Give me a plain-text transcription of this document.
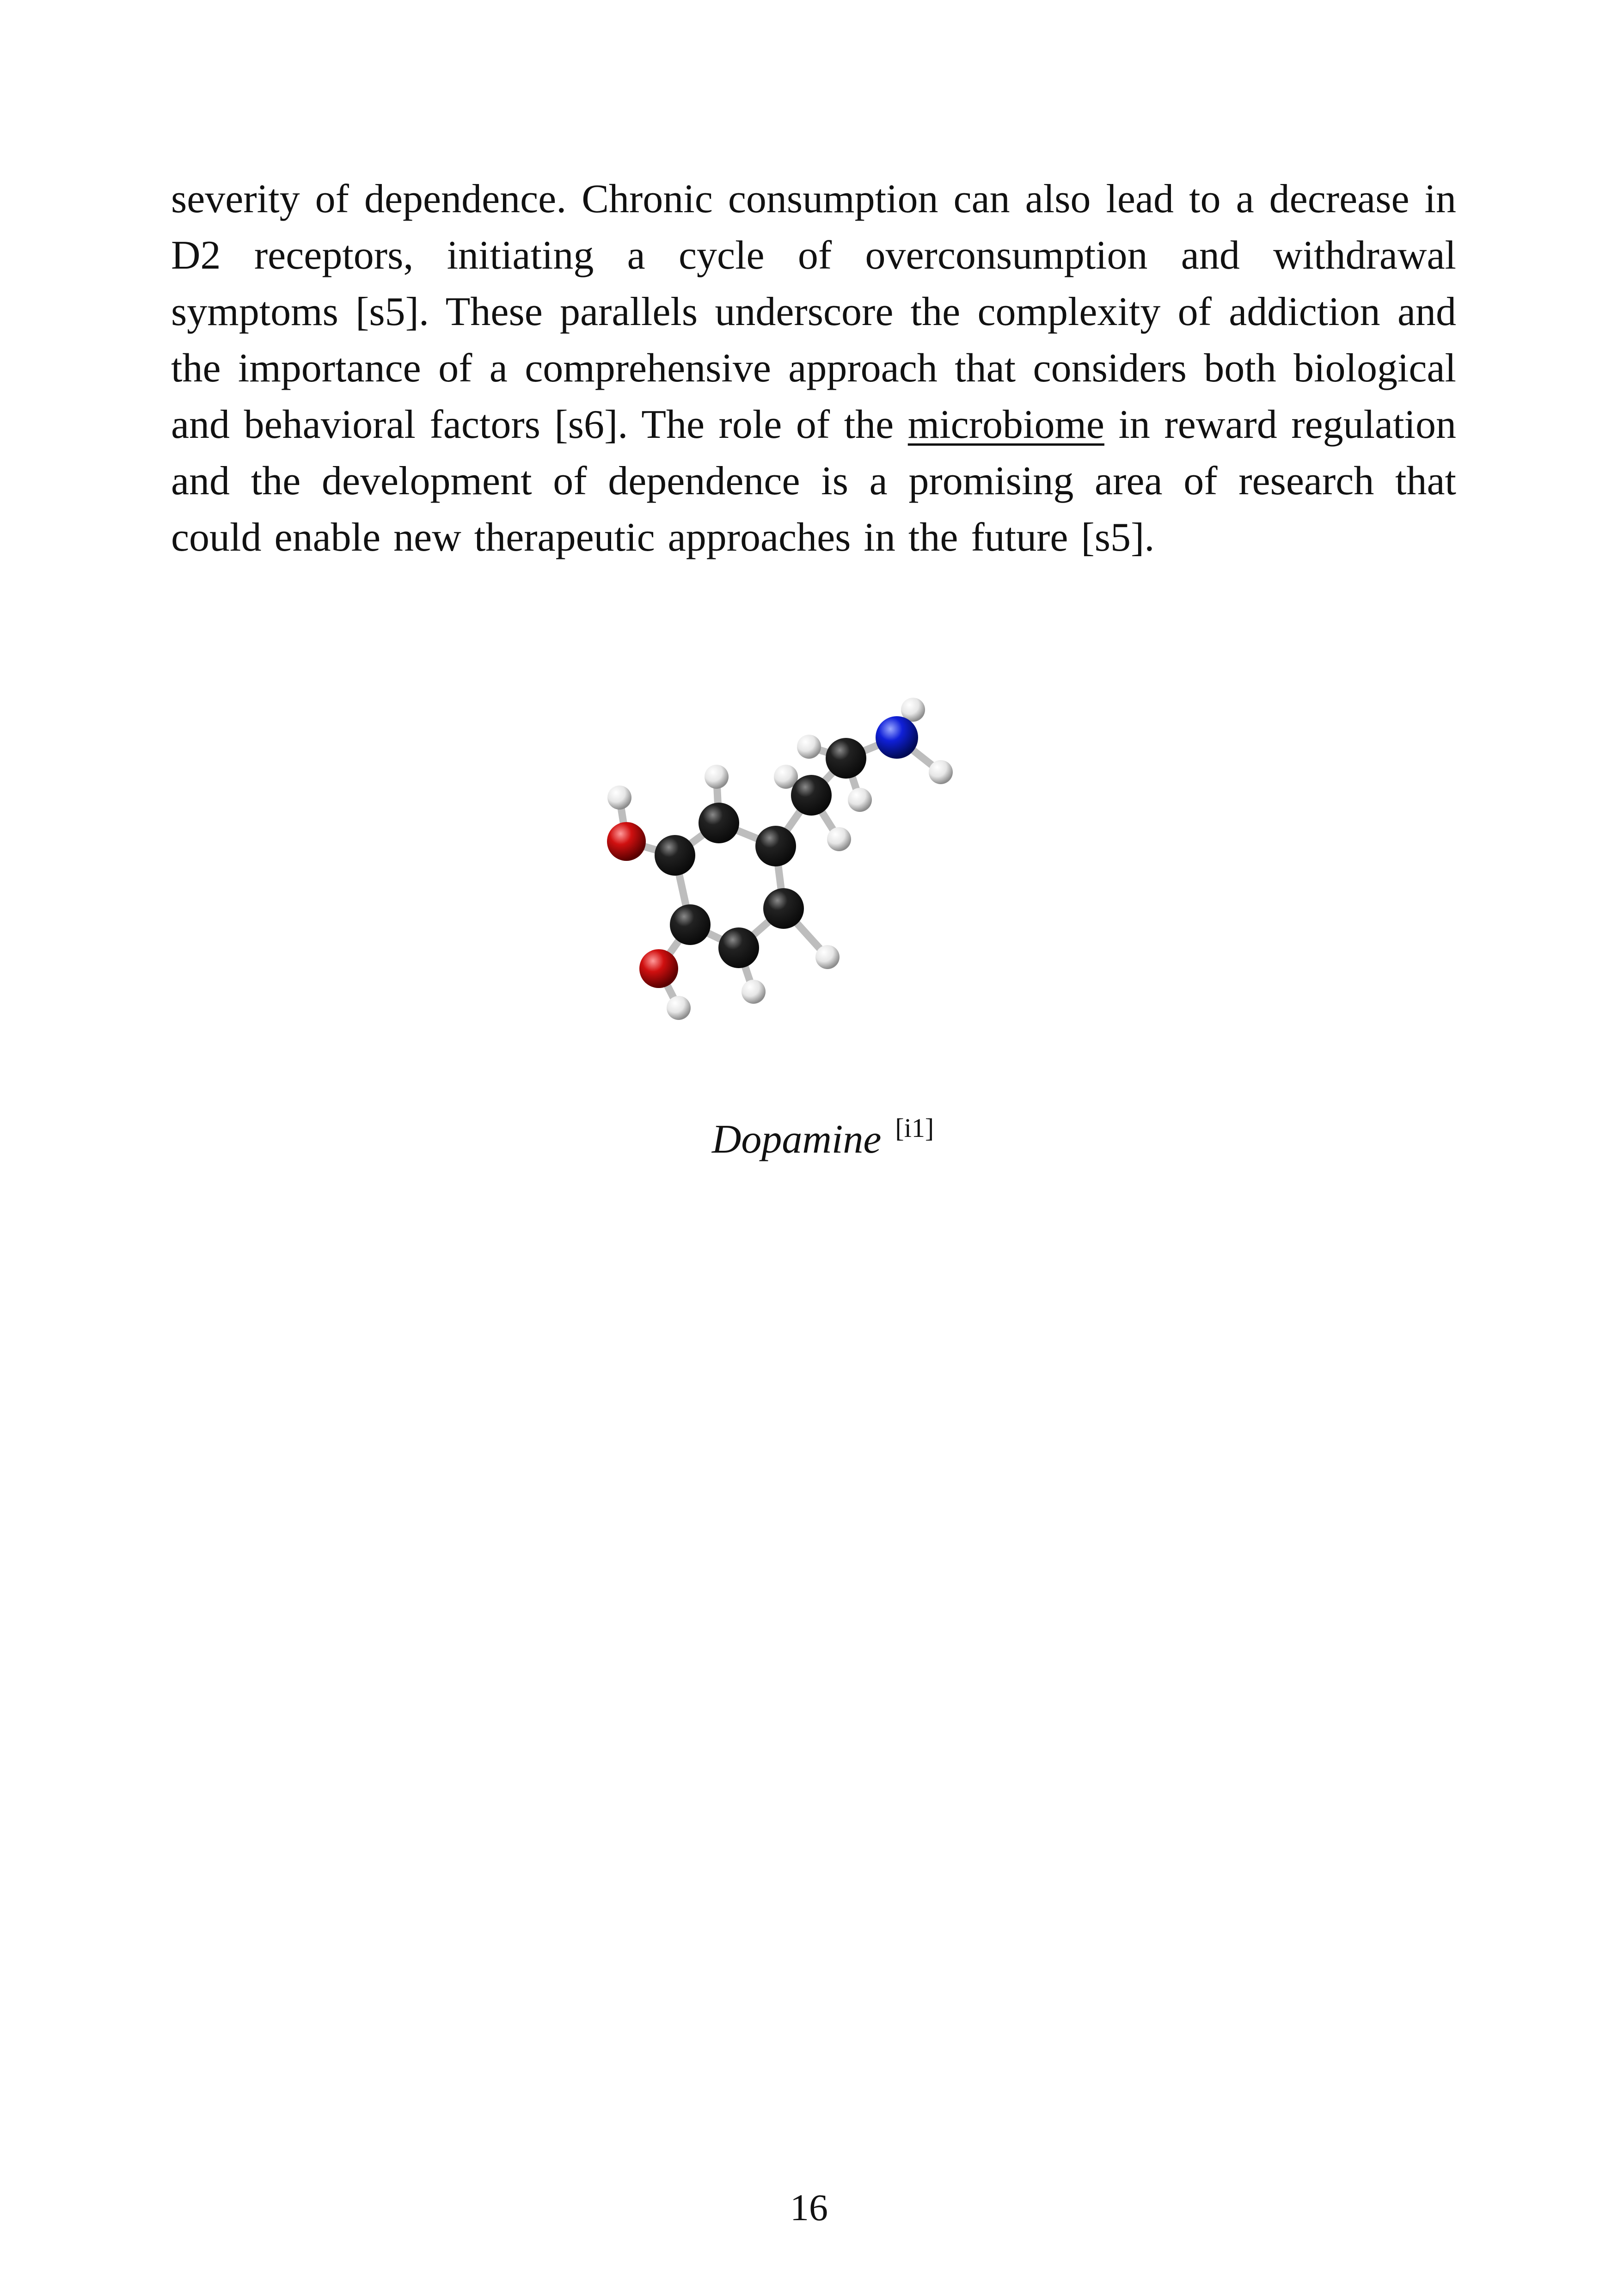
severity of dependence. Chronic consumption can also lead to a decrease in D2 receptors, initiating a cycle of overconsumption and withdrawal symptoms [s5]. These parallels underscore the complexity of addiction and the importance of a comprehensive approach that considers both biological and behavioral factors [s6]. The role of the microbiome in reward regulation and the development of dependence is a promising area of research that could enable new therapeutic approaches in the future [s5].

Dopamine [i1]
16
